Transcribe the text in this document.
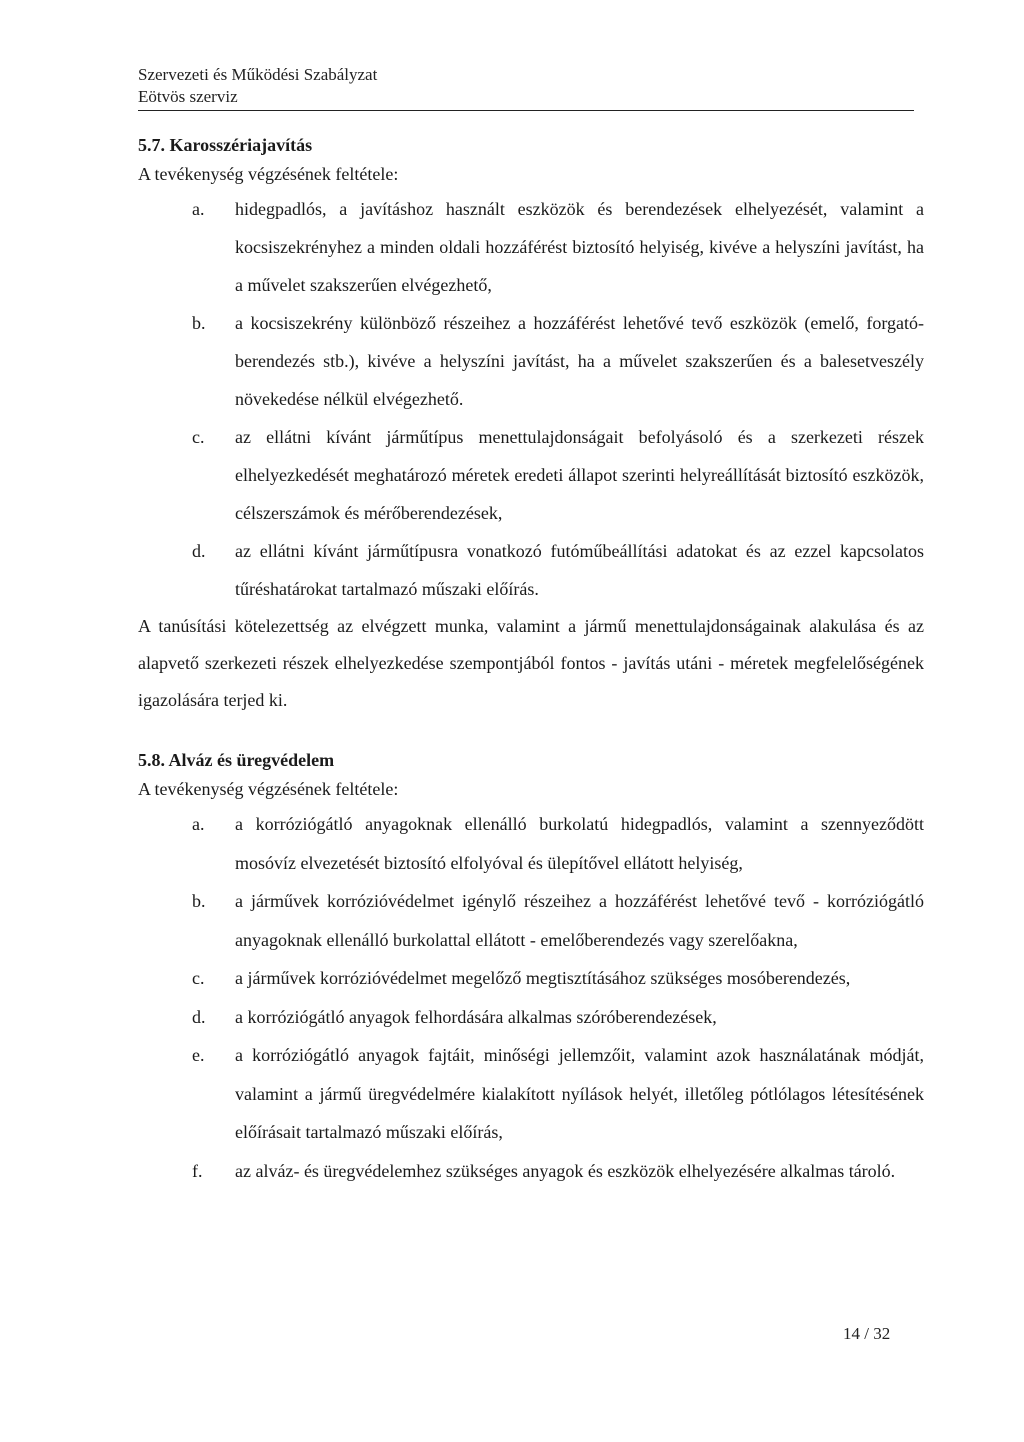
Szervezeti és Működési Szabályzat
Eötvös szerviz
5.7. Karosszériajavítás
A tevékenység végzésének feltétele:
a.	hidegpadlós, a javításhoz használt eszközök és berendezések elhelyezését, valamint a kocsiszekrényhez a minden oldali hozzáférést biztosító helyiség, kivéve a helyszíni javítást, ha a művelet szakszerűen elvégezhető,
b.	a kocsiszekrény különböző részeihez a hozzáférést lehetővé tevő eszközök (emelő, forgató-berendezés stb.), kivéve a helyszíni javítást, ha a művelet szakszerűen és a balesetveszély növekedése nélkül elvégezhető.
c.	az ellátni kívánt járműtípus menettulajdonságait befolyásoló és a szerkezeti részek elhelyezkedését meghatározó méretek eredeti állapot szerinti helyreállítását biztosító eszközök, célszerszámok és mérőberendezések,
d.	az ellátni kívánt járműtípusra vonatkozó futóműbeállítási adatokat és az ezzel kapcsolatos tűréshatárokat tartalmazó műszaki előírás.
A tanúsítási kötelezettség az elvégzett munka, valamint a jármű menettulajdonságainak alakulása és az alapvető szerkezeti részek elhelyezkedése szempontjából fontos - javítás utáni - méretek megfelelőségének igazolására terjed ki.
5.8. Alváz és üregvédelem
A tevékenység végzésének feltétele:
a.	a korróziógátló anyagoknak ellenálló burkolatú hidegpadlós, valamint a szennyeződött mosóvíz elvezetését biztosító elfolyóval és ülepítővel ellátott helyiség,
b.	a járművek korrózióvédelmet igénylő részeihez a hozzáférést lehetővé tevő - korróziógátló anyagoknak ellenálló burkolattal ellátott - emelőberendezés vagy szerelőakna,
c.	a járművek korrózióvédelmet megelőző megtisztításához szükséges mosóberendezés,
d.	a korróziógátló anyagok felhordására alkalmas szóróberendezések,
e.	a korróziógátló anyagok fajtáit, minőségi jellemzőit, valamint azok használatának módját, valamint a jármű üregvédelmére kialakított nyílások helyét, illetőleg pótlólagos létesítésének előírásait tartalmazó műszaki előírás,
f.	az alváz- és üregvédelemhez szükséges anyagok és eszközök elhelyezésére alkalmas tároló.
14 / 32
